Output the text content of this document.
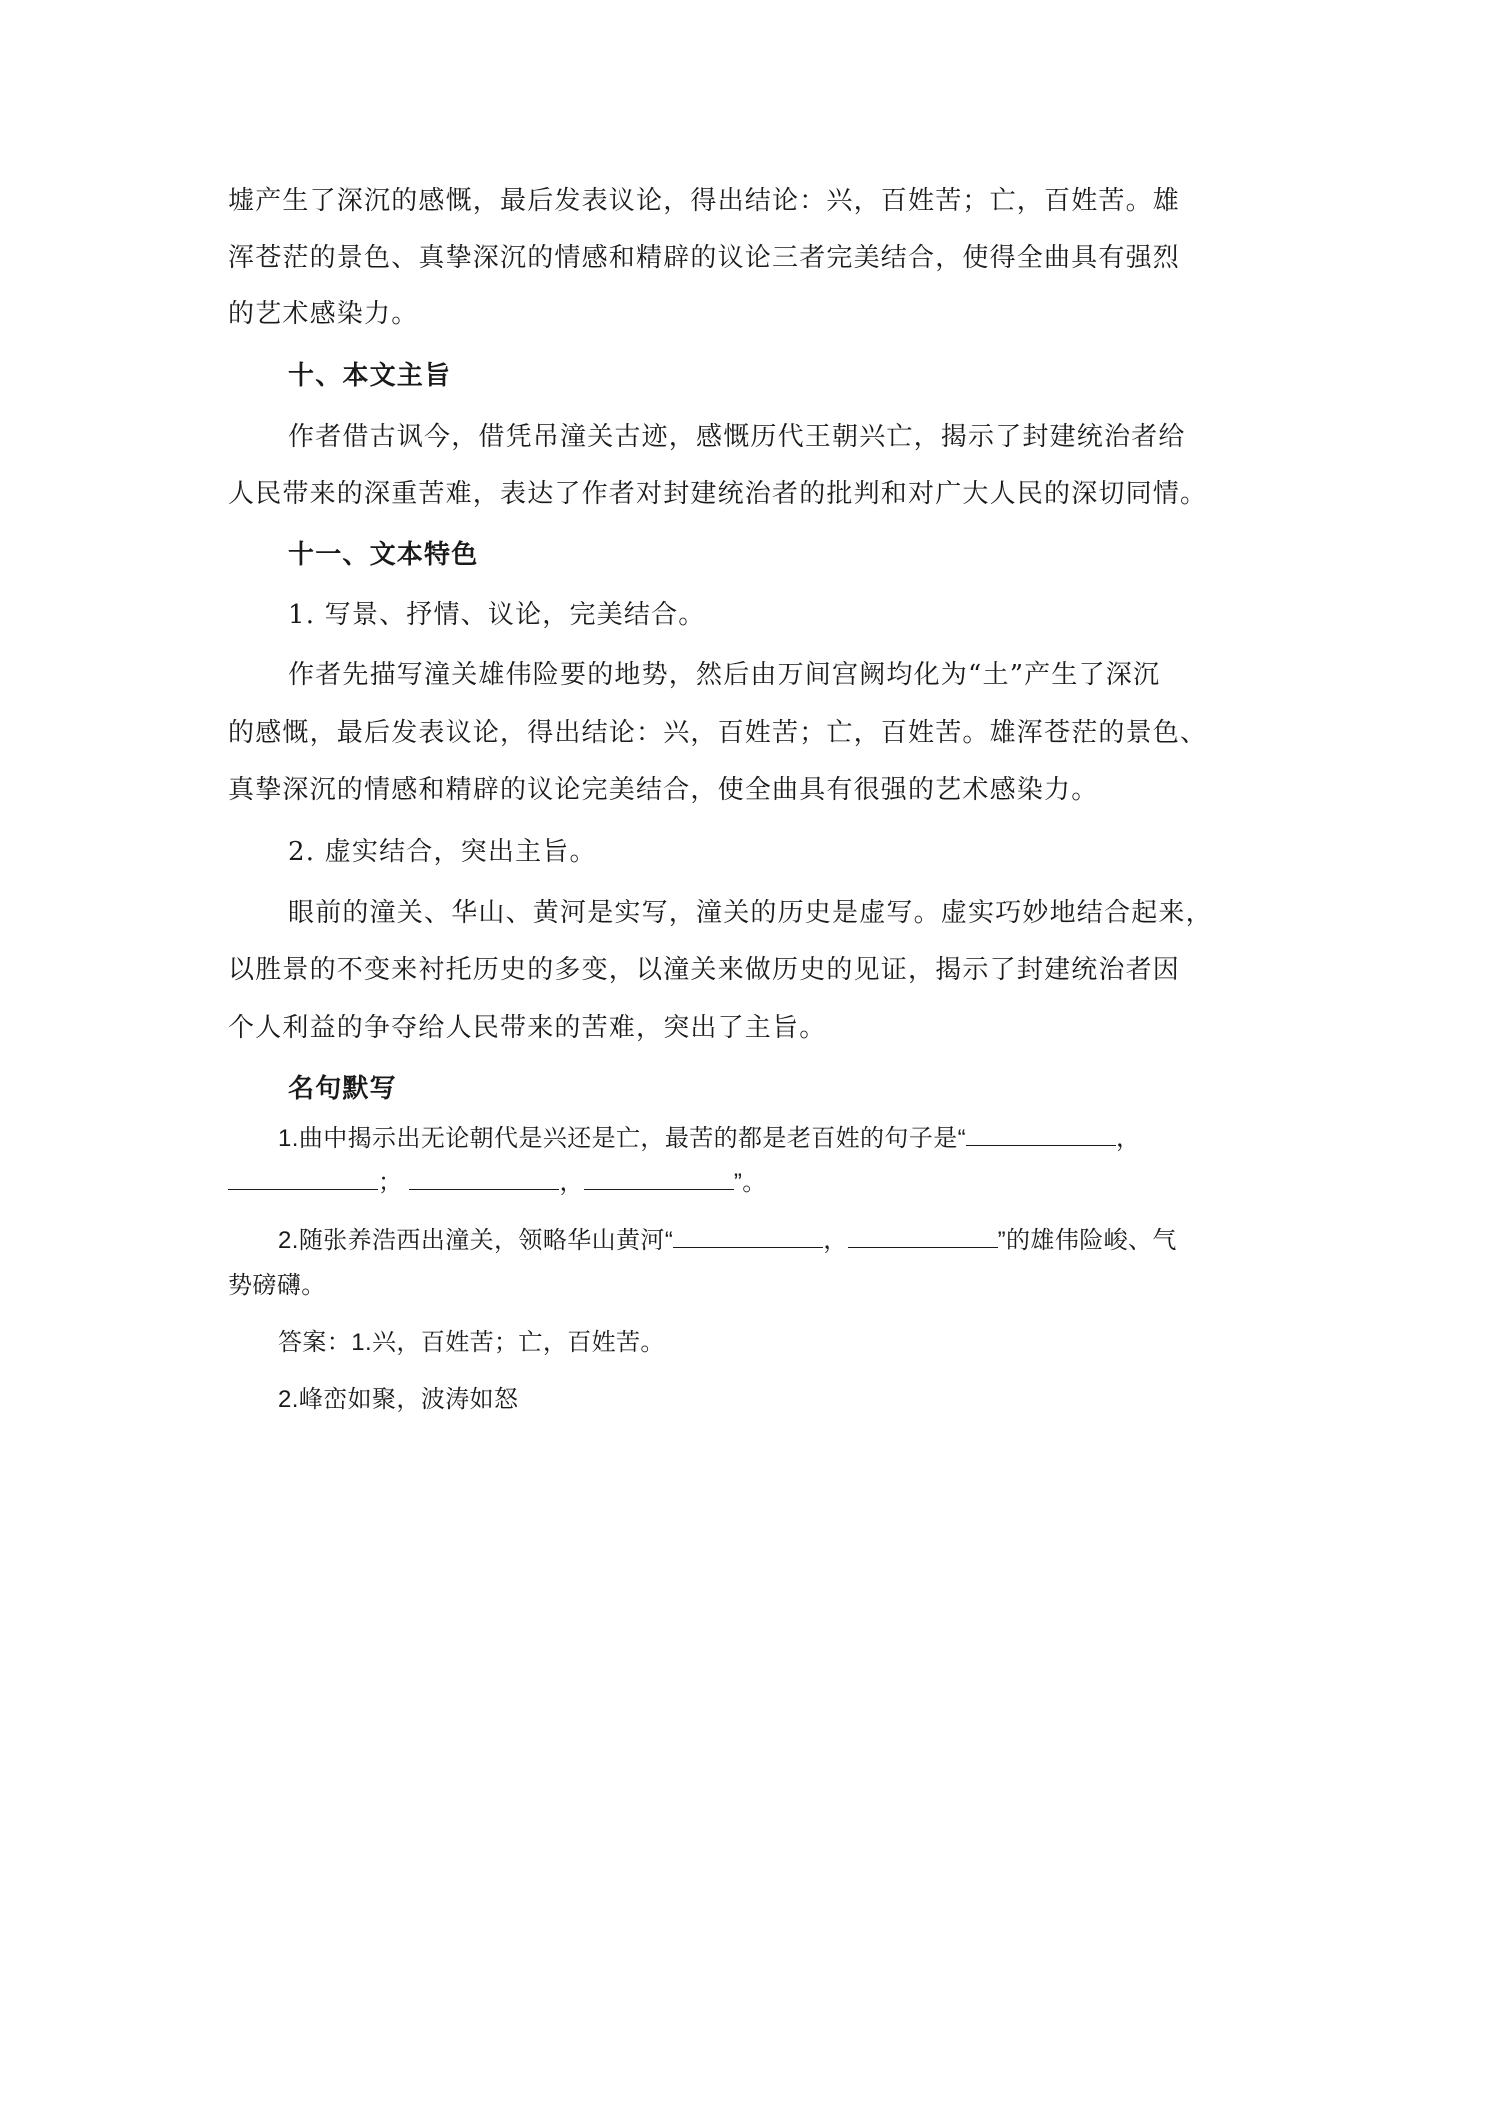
墟产生了深沉的感慨，最后发表议论，得出结论：兴，百姓苦；亡，百姓苦。雄
浑苍茫的景色、真挚深沉的情感和精辟的议论三者完美结合，使得全曲具有强烈
的艺术感染力。
十、本文主旨
作者借古讽今，借凭吊潼关古迹，感慨历代王朝兴亡，揭示了封建统治者给
人民带来的深重苦难，表达了作者对封建统治者的批判和对广大人民的深切同情。
十一、文本特色
1. 写景、抒情、议论，完美结合。
作者先描写潼关雄伟险要的地势，然后由万间宫阙均化为“土”产生了深沉
的感慨，最后发表议论，得出结论：兴，百姓苦；亡，百姓苦。雄浑苍茫的景色、
真挚深沉的情感和精辟的议论完美结合，使全曲具有很强的艺术感染力。
2. 虚实结合，突出主旨。
眼前的潼关、华山、黄河是实写，潼关的历史是虚写。虚实巧妙地结合起来，
以胜景的不变来衬托历史的多变，以潼关来做历史的见证，揭示了封建统治者因
个人利益的争夺给人民带来的苦难，突出了主旨。
名句默写
1.曲中揭示出无论朝代是兴还是亡，最苦的都是老百姓的句子是“	，
；	，	”。
2.随张养浩西出潼关，领略华山黄河“	，	”的雄伟险峻、气
势磅礴。
答案：1.兴，百姓苦；亡，百姓苦。
2.峰峦如聚，波涛如怒
